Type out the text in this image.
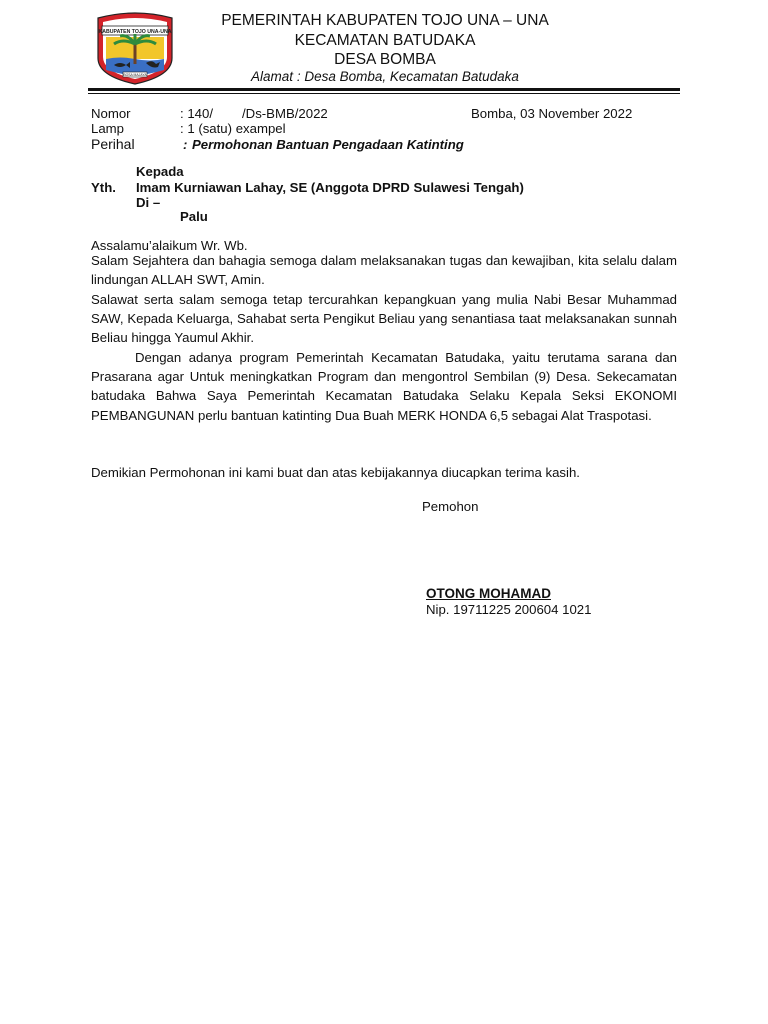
KABUPATEN TOJO UNA-UNA
BOSA MAJAYA
PEMERINTAH KABUPATEN TOJO UNA – UNA
KECAMATAN BATUDAKA
DESA BOMBA
Alamat : Desa Bomba, Kecamatan Batudaka
Nomor	: 140/ /Ds-BMB/2022	Bomba, 03 November 2022
Lamp	: 1 (satu) exampel
Perihal	: Permohonan Bantuan Pengadaan Katinting
Kepada
Yth. Imam Kurniawan Lahay, SE (Anggota DPRD Sulawesi Tengah)
Di –
Palu
Assalamu’alaikum Wr. Wb.
Salam Sejahtera dan bahagia semoga dalam melaksanakan tugas dan kewajiban, kita selalu dalam lindungan ALLAH SWT, Amin.
Salawat serta salam semoga tetap tercurahkan kepangkuan yang mulia Nabi Besar Muhammad SAW, Kepada Keluarga, Sahabat serta Pengikut Beliau yang senantiasa taat melaksanakan sunnah Beliau hingga Yaumul Akhir.
Dengan adanya program Pemerintah Kecamatan Batudaka, yaitu terutama sarana dan Prasarana agar Untuk meningkatkan Program dan mengontrol Sembilan (9) Desa. Sekecamatan batudaka Bahwa Saya Pemerintah Kecamatan Batudaka Selaku Kepala Seksi EKONOMI PEMBANGUNAN perlu bantuan katinting Dua Buah MERK HONDA 6,5 sebagai Alat Traspotasi.
Demikian Permohonan ini kami buat dan atas kebijakannya diucapkan terima kasih.
Pemohon
OTONG MOHAMAD
Nip. 19711225 200604 1021
